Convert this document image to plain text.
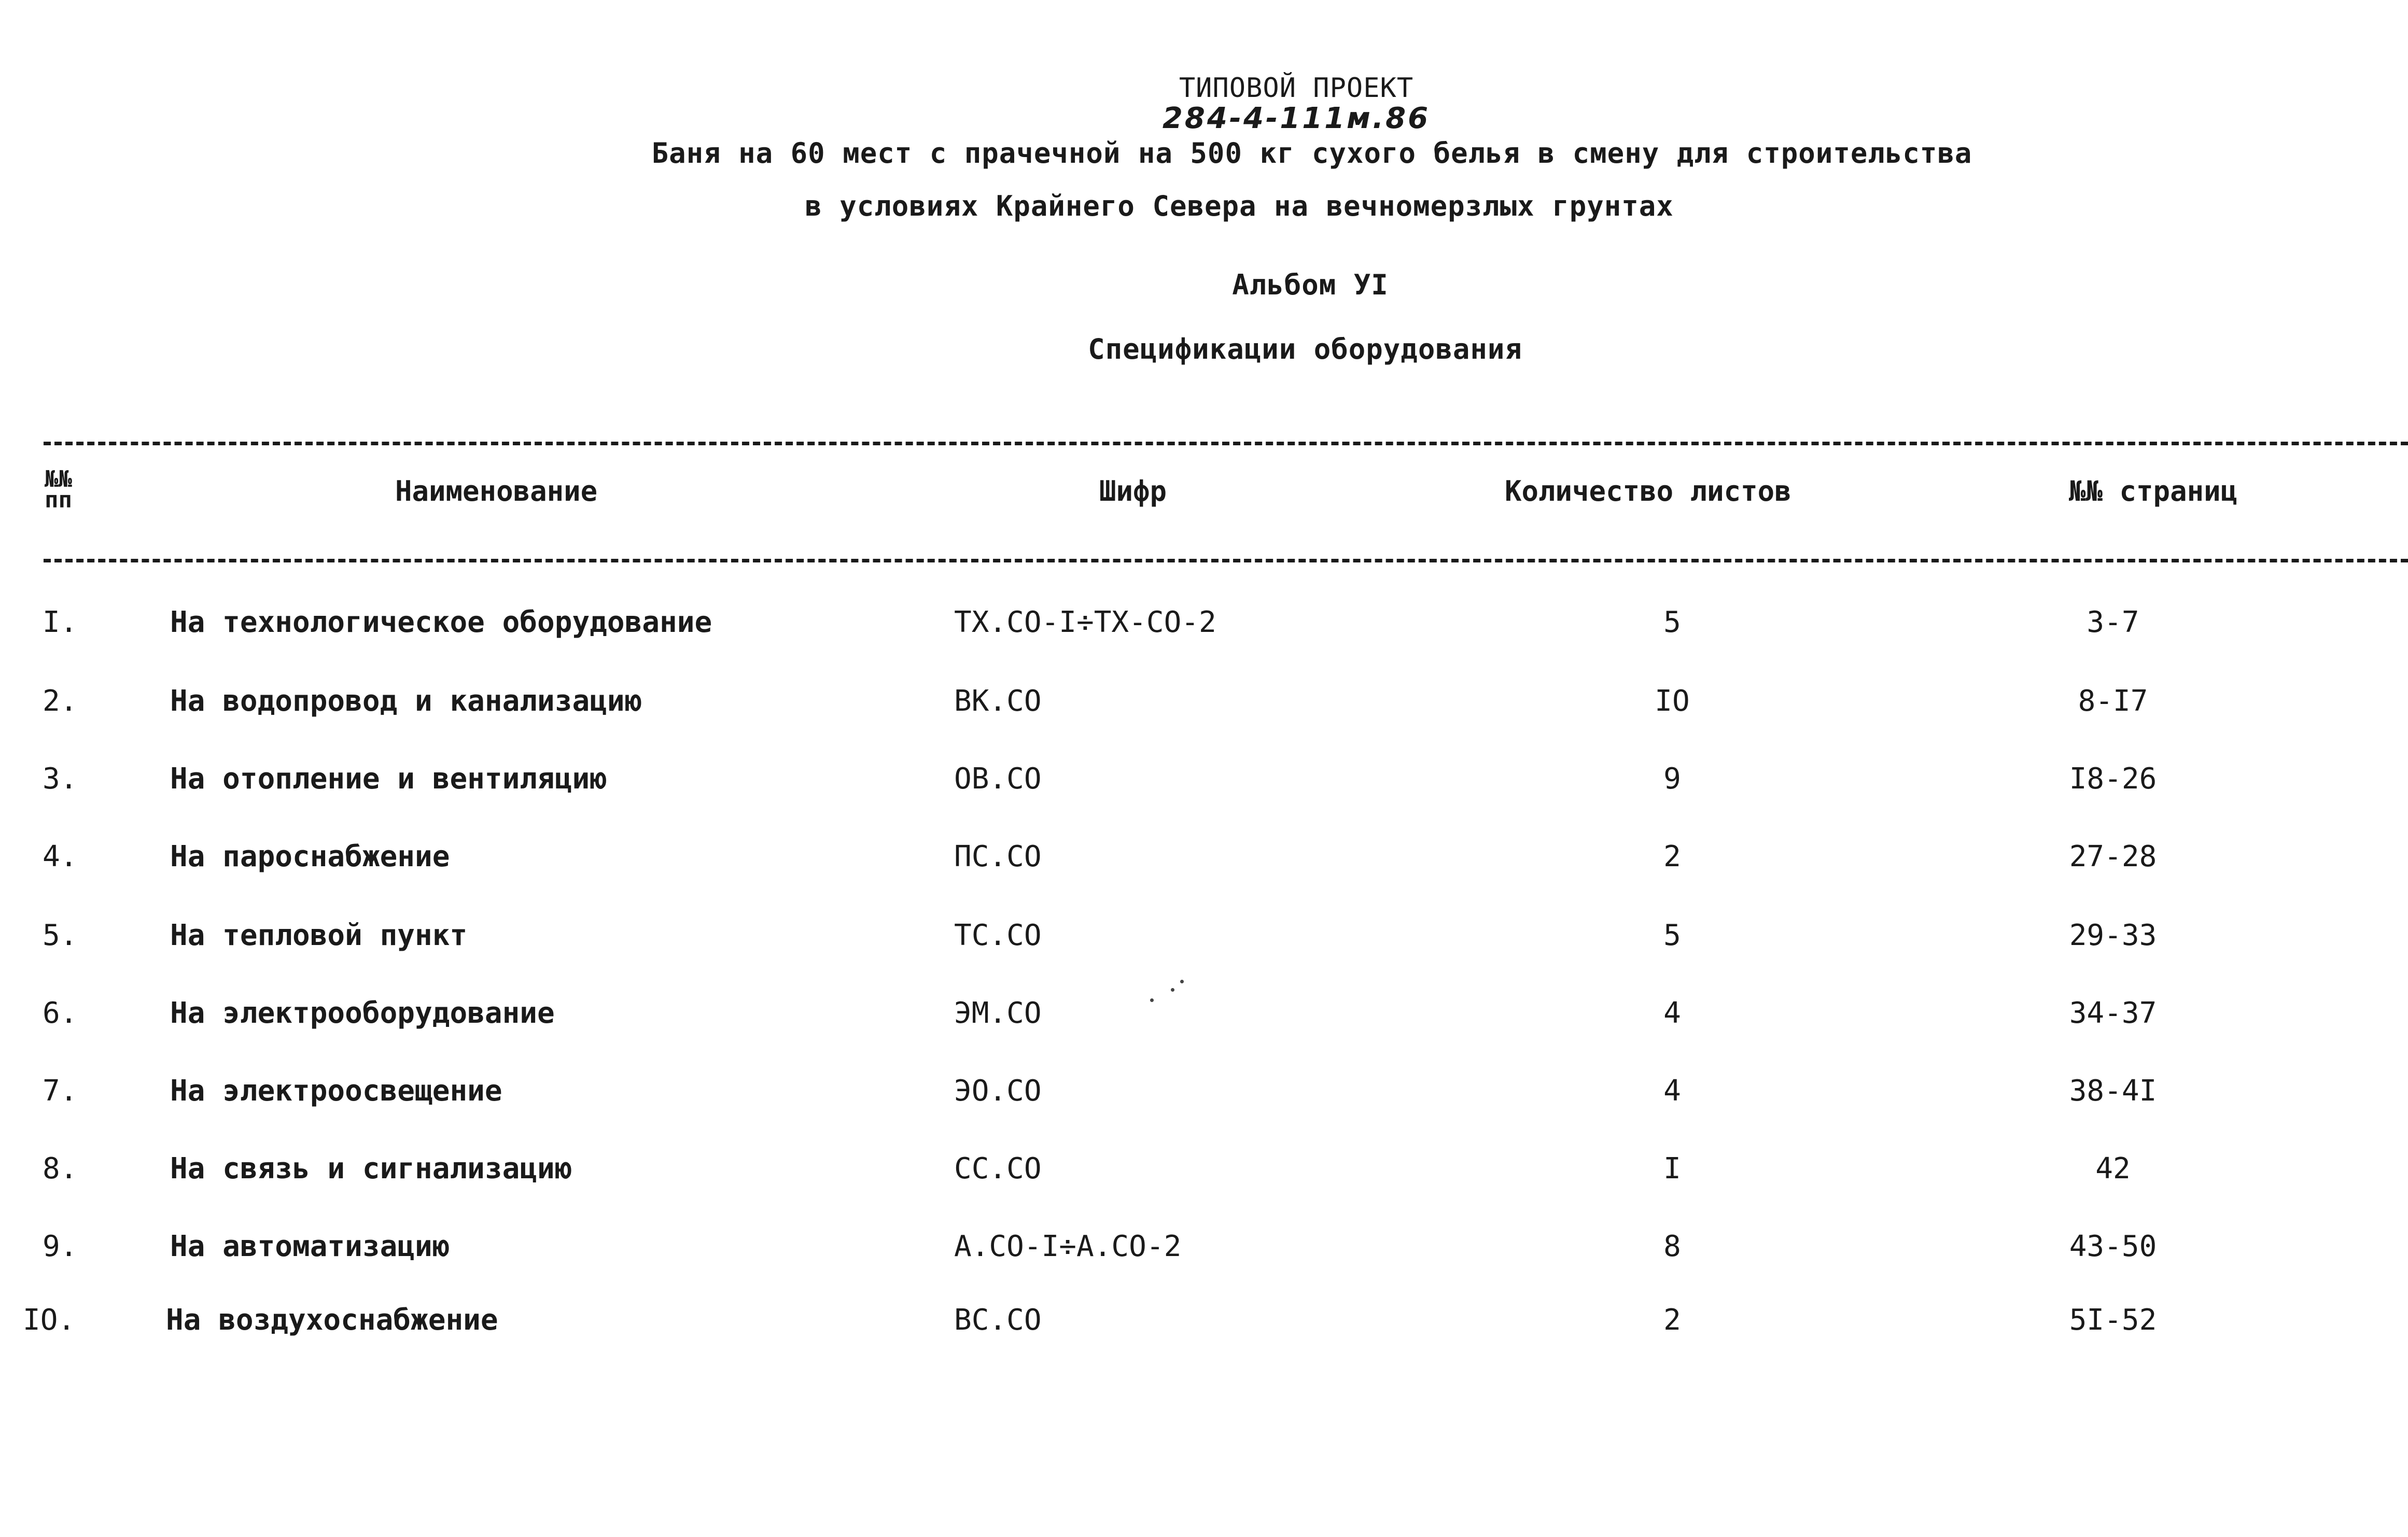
ТИПОВОЙ ПРОЕКТ
284-4-111м.86
Баня на 60 мест с прачечной на 500 кг сухого белья в смену для строительства
в условиях Крайнего Севера на вечномерзлых грунтах
Альбом УI
Спецификации оборудования
№№
пп	Наименование	Шифр	Количество листов	№№ страниц
I.	На технологическое оборудование	ТХ.СО-I÷ТХ-СО-2	5	3-7
2.	На водопровод и канализацию	ВК.СО	IO	8-I7
3.	На отопление и вентиляцию	ОВ.СО	9	I8-26
4.	На пароснабжение	ПС.СО	2	27-28
5.	На тепловой пункт	ТС.СО	5	29-33
6.	На электрооборудование	ЭМ.СО	4	34-37
7.	На электроосвещение	ЭО.СО	4	38-4I
8.	На связь и сигнализацию	СС.СО	I	42
9.	На автоматизацию	А.СО-I÷А.СО-2	8	43-50
IO.	На воздухоснабжение	ВС.СО	2	5I-52
